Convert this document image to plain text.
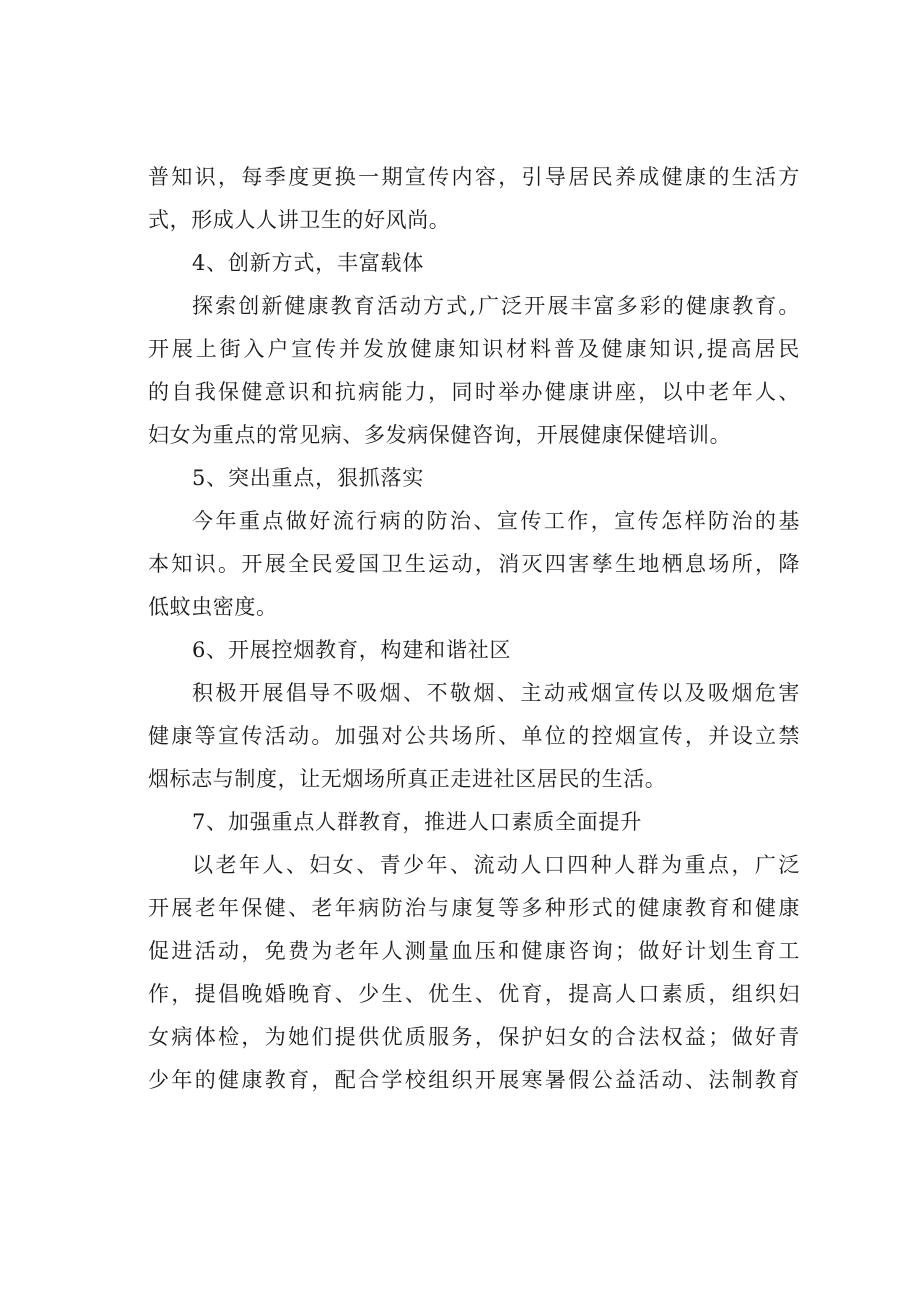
普知识，每季度更换一期宣传内容，引导居民养成健康的生活方
式，形成人人讲卫生的好风尚。
4、创新方式，丰富载体
探索创新健康教育活动方式,广泛开展丰富多彩的健康教育。
开展上街入户宣传并发放健康知识材料普及健康知识,提高居民
的自我保健意识和抗病能力，同时举办健康讲座，以中老年人、
妇女为重点的常见病、多发病保健咨询，开展健康保健培训。
5、突出重点，狠抓落实
今年重点做好流行病的防治、宣传工作，宣传怎样防治的基
本知识。开展全民爱国卫生运动，消灭四害孳生地栖息场所，降
低蚊虫密度。
6、开展控烟教育，构建和谐社区
积极开展倡导不吸烟、不敬烟、主动戒烟宣传以及吸烟危害
健康等宣传活动。加强对公共场所、单位的控烟宣传，并设立禁
烟标志与制度，让无烟场所真正走进社区居民的生活。
7、加强重点人群教育，推进人口素质全面提升
以老年人、妇女、青少年、流动人口四种人群为重点，广泛
开展老年保健、老年病防治与康复等多种形式的健康教育和健康
促进活动，免费为老年人测量血压和健康咨询；做好计划生育工
作，提倡晚婚晚育、少生、优生、优育，提高人口素质，组织妇
女病体检，为她们提供优质服务，保护妇女的合法权益；做好青
少年的健康教育，配合学校组织开展寒暑假公益活动、法制教育
